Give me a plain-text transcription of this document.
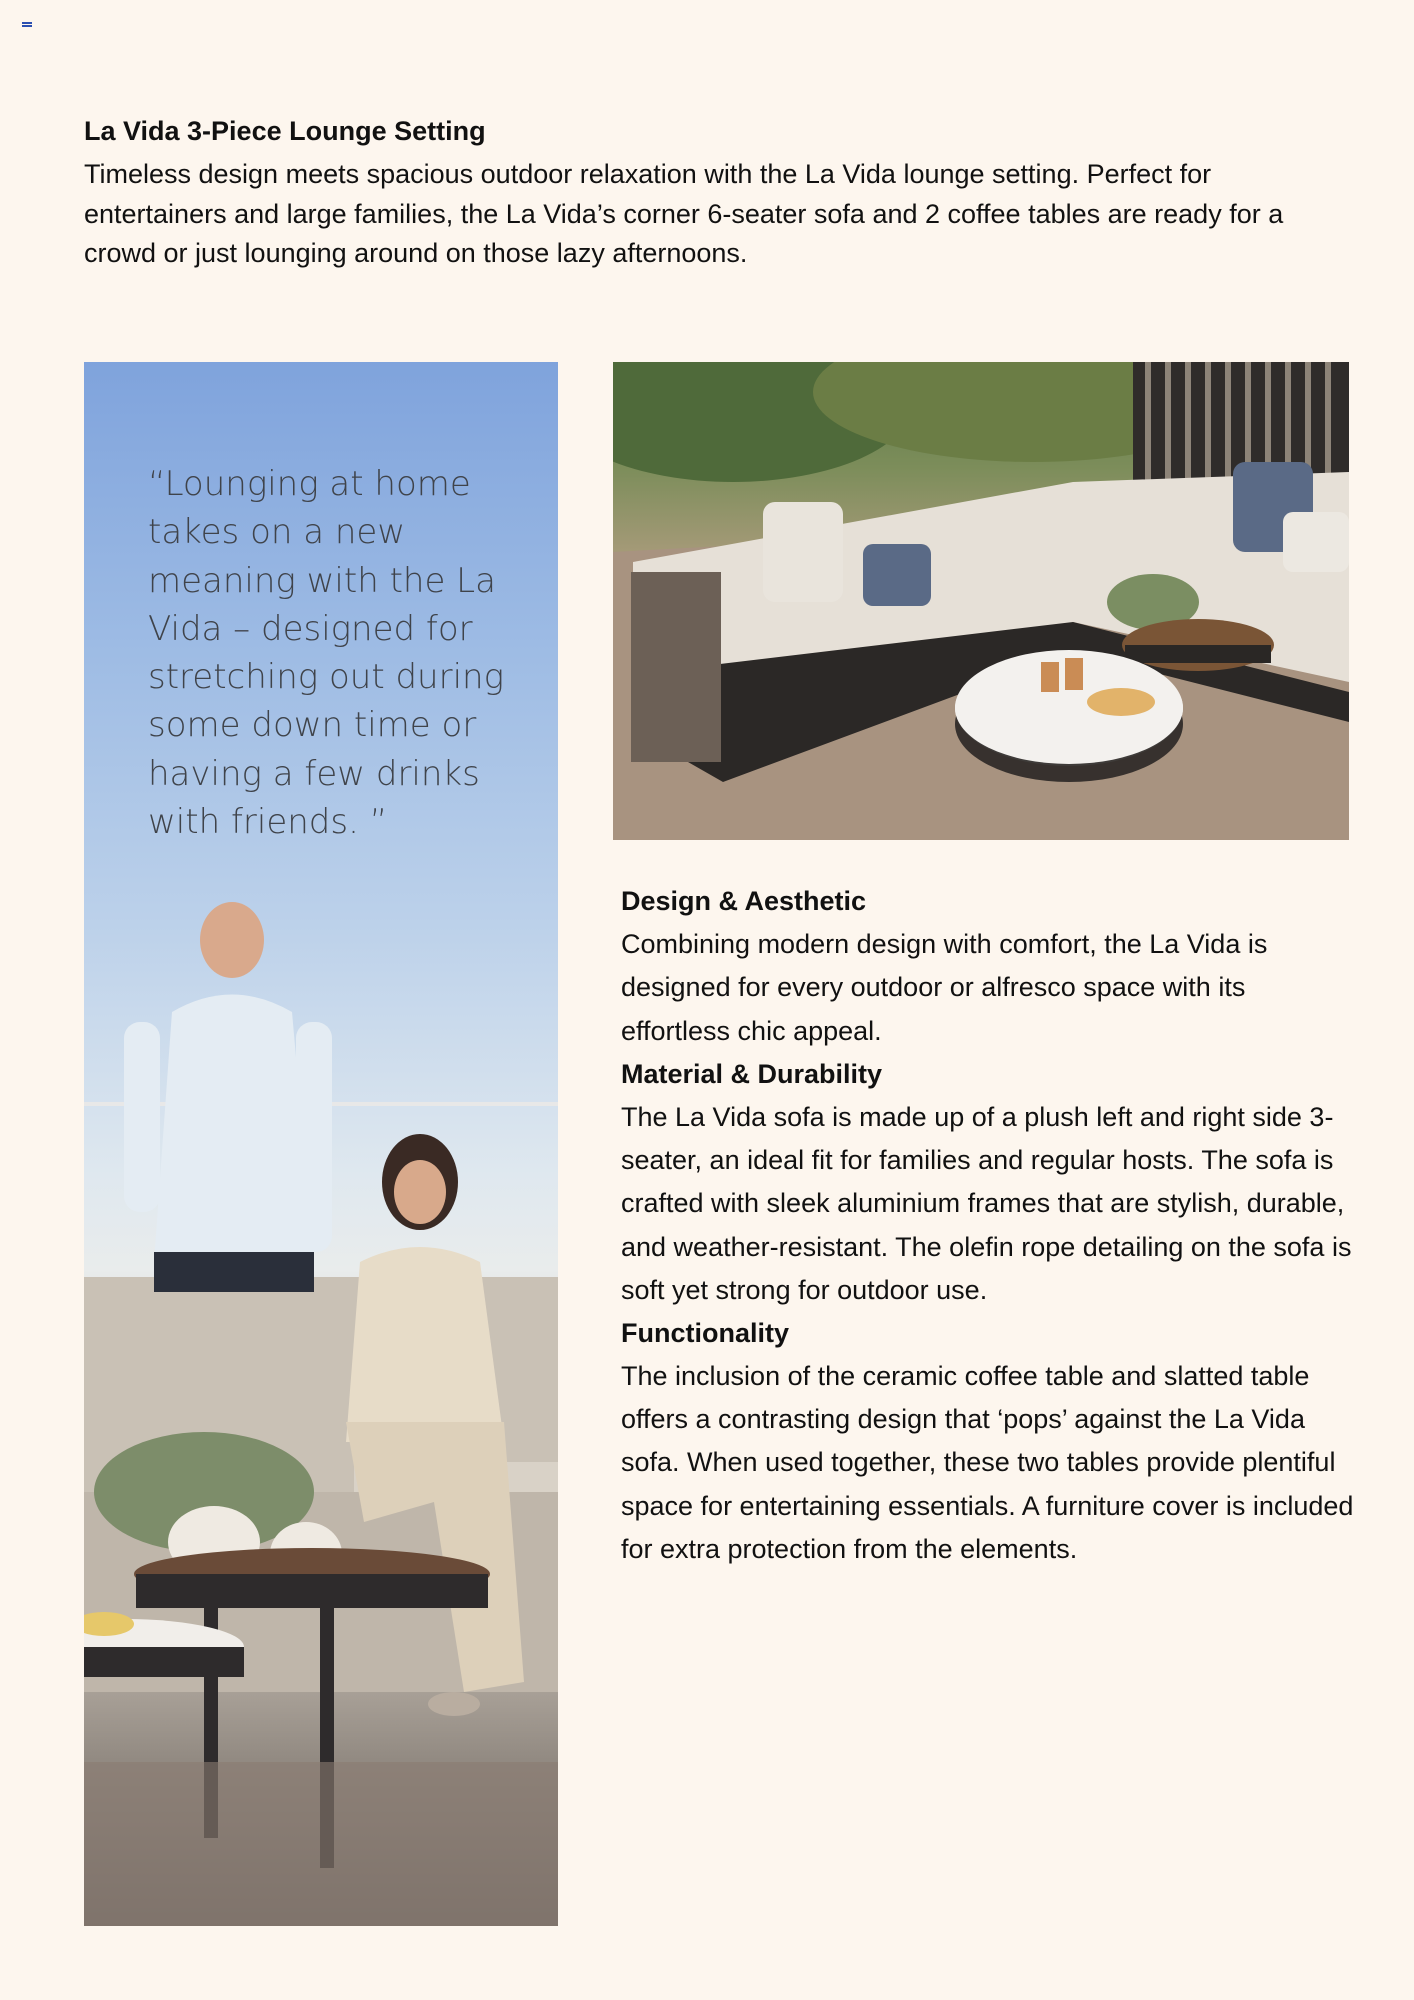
La Vida 3-Piece Lounge Setting

Timeless design meets spacious outdoor relaxation with the La Vida lounge setting. Perfect for entertainers and large families, the La Vida’s corner 6-seater sofa and 2 coffee tables are ready for a crowd or just lounging around on those lazy afternoons.

“Lounging at home takes on a new meaning with the La Vida – designed for stretching out during some down time or having a few drinks with friends. ”
Design & Aesthetic

Combining modern design with comfort, the La Vida is designed for every outdoor or alfresco space with its effortless chic appeal.

Material & Durability

The La Vida sofa is made up of a plush left and right side 3-seater, an ideal fit for families and regular hosts. The sofa is crafted with sleek aluminium frames that are stylish, durable, and weather-resistant. The olefin rope detailing on the sofa is soft yet strong for outdoor use.

Functionality

The inclusion of the ceramic coffee table and slatted table offers a contrasting design that ‘pops’ against the La Vida sofa. When used together, these two tables provide plentiful space for entertaining essentials. A furniture cover is included for extra protection from the elements.
